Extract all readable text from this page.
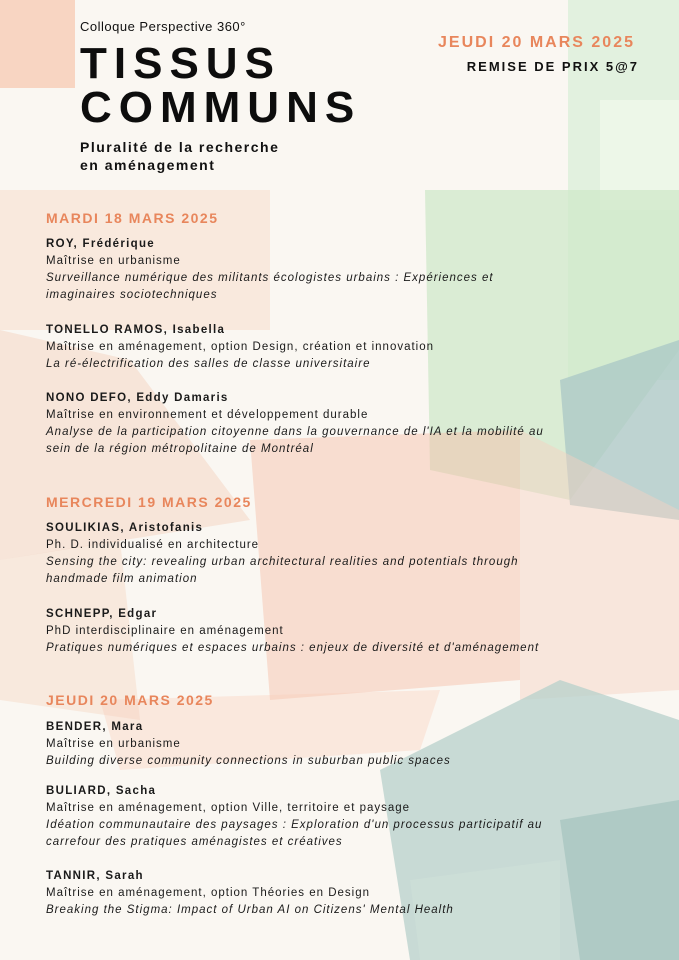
Colloque Perspective 360°
TISSUS
COMMUNS
Pluralité de la recherche
en aménagement
JEUDI 20 MARS 2025
REMISE DE PRIX 5@7
MARDI 18 MARS 2025
ROY, Frédérique
Maîtrise en urbanisme
Surveillance numérique des militants écologistes urbains : Expériences et
imaginaires sociotechniques
TONELLO RAMOS, Isabella
Maîtrise en aménagement, option Design, création et innovation
La ré-électrification des salles de classe universitaire
NONO DEFO, Eddy Damaris
Maîtrise en environnement et développement durable
Analyse de la participation citoyenne dans la gouvernance de l'IA et la mobilité au
sein de la région métropolitaine de Montréal
MERCREDI 19 MARS 2025
SOULIKIAS, Aristofanis
Ph. D. individualisé en architecture
Sensing the city: revealing urban architectural realities and potentials through
handmade film animation
SCHNEPP, Edgar
PhD interdisciplinaire en aménagement
Pratiques numériques et espaces urbains : enjeux de diversité et d'aménagement
JEUDI 20 MARS 2025
BENDER, Mara
Maîtrise en urbanisme
Building diverse community connections in suburban public spaces
BULIARD, Sacha
Maîtrise en aménagement, option Ville, territoire et paysage
Idéation communautaire des paysages : Exploration d'un processus participatif au
carrefour des pratiques aménagistes et créatives
TANNIR, Sarah
Maîtrise en aménagement, option Théories en Design
Breaking the Stigma: Impact of Urban AI on Citizens' Mental Health
